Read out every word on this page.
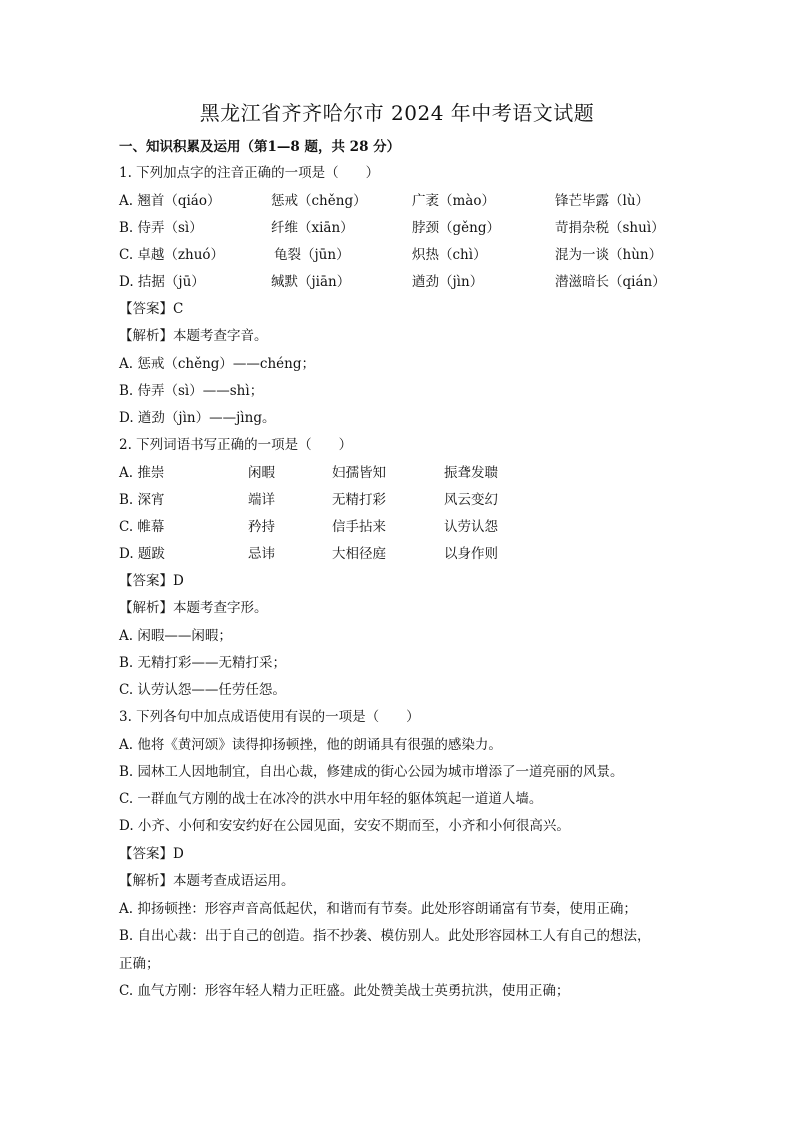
黑龙江省齐齐哈尔市 2024 年中考语文试题
一、知识积累及运用（第1—8 题，共 28 分）
1. 下列加点字的注音正确的一项是（　　）
A. 翘首（qiáo）	惩戒（chěng）	广袤（mào）	锋芒毕露（lù）
B. 侍弄（sì）	纤维（xiān）	脖颈（gěng）	苛捐杂税（shuì）
C. 卓越（zhuó）	龟裂（jūn）	炽热（chì）	混为一谈（hùn）
D. 拮据（jū）	缄默（jiān）	遒劲（jìn）	潜滋暗长（qián）
【答案】C
【解析】本题考查字音。
A. 惩戒（chěng）——chéng；
B. 侍弄（sì）——shì；
D. 遒劲（jìn）——jìng。
2. 下列词语书写正确的一项是（　　）
A. 推崇	闲暇	妇孺皆知	振聋发聩
B. 深宵	端详	无精打彩	风云变幻
C. 帷幕	矜持	信手拈来	认劳认怨
D. 题跋	忌讳	大相径庭	以身作则
【答案】D
【解析】本题考查字形。
A. 闲暇——闲暇；
B. 无精打彩——无精打采；
C. 认劳认怨——任劳任怨。
3. 下列各句中加点成语使用有误的一项是（　　）
A. 他将《黄河颂》读得抑扬顿挫，他的朗诵具有很强的感染力。
B. 园林工人因地制宜，自出心裁，修建成的街心公园为城市增添了一道亮丽的风景。
C. 一群血气方刚的战士在冰冷的洪水中用年轻的躯体筑起一道道人墙。
D. 小齐、小何和安安约好在公园见面，安安不期而至，小齐和小何很高兴。
【答案】D
【解析】本题考查成语运用。
A. 抑扬顿挫：形容声音高低起伏，和谐而有节奏。此处形容朗诵富有节奏，使用正确；
B. 自出心裁：出于自己的创造。指不抄袭、模仿别人。此处形容园林工人有自己的想法，
正确；
C. 血气方刚：形容年轻人精力正旺盛。此处赞美战士英勇抗洪，使用正确；
